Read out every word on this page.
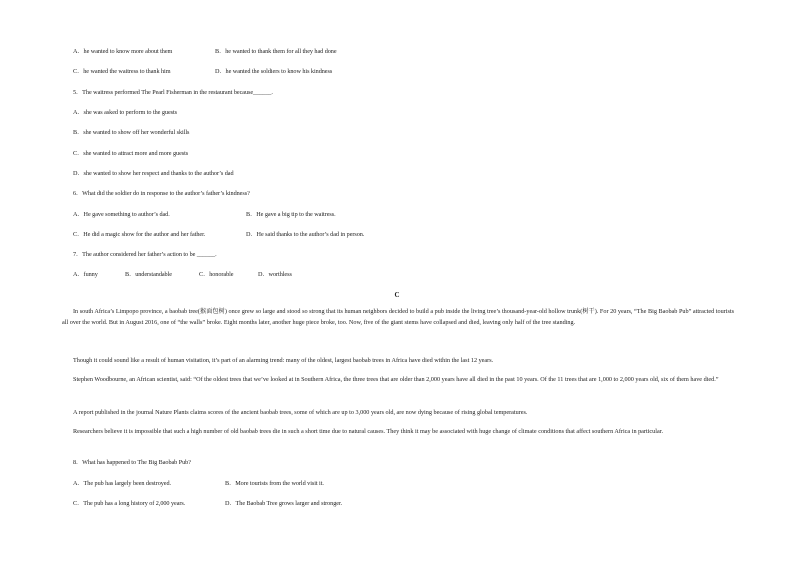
A．he wanted to know more about them	B．he wanted to thank them for all they had done
C．he wanted the waitress to thank him	D．he wanted the soldiers to know his kindness
5．The waitress performed The Pearl Fisherman in the restaurant because______.
A．she was asked to perform to the guests
B．she wanted to show off her wonderful skills
C．she wanted to attract more and more guests
D．she wanted to show her respect and thanks to the author’s dad
6．What did the soldier do in response to the author’s father’s kindness?
A．He gave something to author’s dad.	B．He gave a big tip to the waitress.
C．He did a magic show for the author and her father.	D．He said thanks to the author’s dad in person.
7．The author considered her father’s action to be ______.
A．funny	B．understandable	C．honorable	D．worthless
C
In south Africa’s Limpopo province, a baobab tree(猴面包树) once grew so large and stood so strong that its human neighbors decided to build a pub inside the living tree’s thousand-year-old hollow trunk(树干). For 20 years, “The Big Baobab Pub” attracted tourists all over the world. But in August 2016, one of “the walls” broke. Eight months later, another huge piece broke, too. Now, five of the giant stems have collapsed and died, leaving only half of the tree standing.
Though it could sound like a result of human visitation, it’s part of an alarming trend: many of the oldest, largest baobab trees in Africa have died within the last 12 years.
Stephen Woodbourne, an African scientist, said: “Of the oldest trees that we’ve looked at in Southern Africa, the three trees that are older than 2,000 years have all died in the past 10 years. Of the 11 trees that are 1,000 to 2,000 years old, six of them have died.”
A report published in the journal Nature Plants claims scores of the ancient baobab trees, some of which are up to 3,000 years old, are now dying because of rising global temperatures.
Researchers believe it is impossible that such a high number of old baobab trees die in such a short time due to natural causes. They think it may be associated with huge change of climate conditions that affect southern Africa in particular.
8．What has happened to The Big Baobab Pub?
A．The pub has largely been destroyed.	B．More tourists from the world visit it.
C．The pub has a long history of 2,000 years.	D．The Baobab Tree grows larger and stronger.
